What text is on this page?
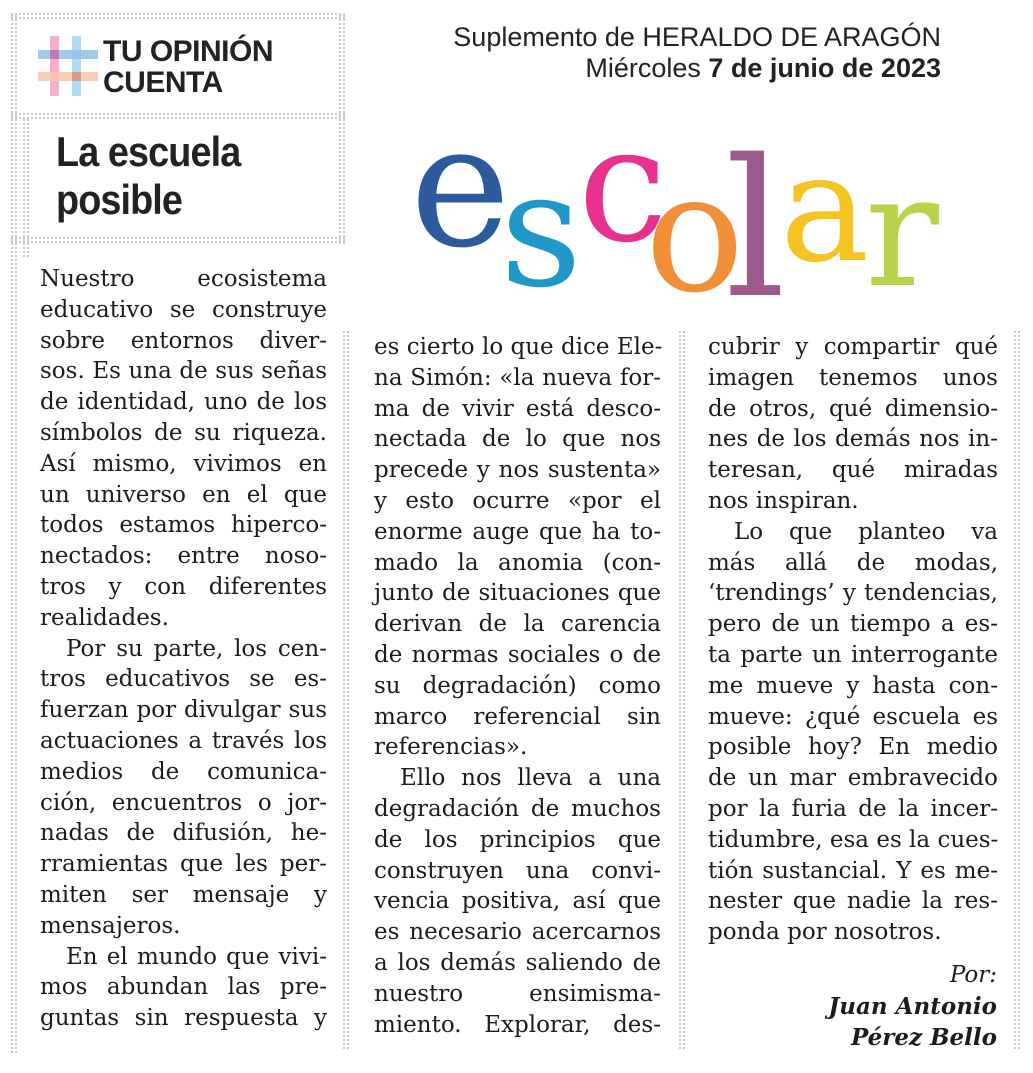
TU OPINIÓN
CUENTA
La escuela
posible
Suplemento de HERALDO DE ARAGÓN
Miércoles 7 de junio de 2023
e
s
c
o
l
a
r

Nuestro ecosistema
educativo se construye
sobre entornos diver-
sos. Es una de sus señas
de identidad, uno de los
símbolos de su riqueza.
Así mismo, vivimos en
un universo en el que
todos estamos hiperco-
nectados: entre noso-
tros y con diferentes
realidades.

Por su parte, los cen-
tros educativos se es-
fuerzan por divulgar sus
actuaciones a través los
medios de comunica-
ción, encuentros o jor-
nadas de difusión, he-
rramientas que les per-
miten ser mensaje y
mensajeros.

En el mundo que vivi-
mos abundan las pre-
guntas sin respuesta y

es cierto lo que dice Ele-
na Simón: «la nueva for-
ma de vivir está desco-
nectada de lo que nos
precede y nos sustenta»
y esto ocurre «por el
enorme auge que ha to-
mado la anomia (con-
junto de situaciones que
derivan de la carencia
de normas sociales o de
su degradación) como
marco referencial sin
referencias».

Ello nos lleva a una
degradación de muchos
de los principios que
construyen una convi-
vencia positiva, así que
es necesario acercarnos
a los demás saliendo de
nuestro ensimisma-
miento. Explorar, des-

cubrir y compartir qué
imagen tenemos unos
de otros, qué dimensio-
nes de los demás nos in-
teresan, qué miradas
nos inspiran.

Lo que planteo va
más allá de modas,
‘trendings’ y tendencias,
pero de un tiempo a es-
ta parte un interrogante
me mueve y hasta con-
mueve: ¿qué escuela es
posible hoy? En medio
de un mar embravecido
por la furia de la incer-
tidumbre, esa es la cues-
tión sustancial. Y es me-
nester que nadie la res-
ponda por nosotros.

Por:
Juan Antonio
Pérez Bello
